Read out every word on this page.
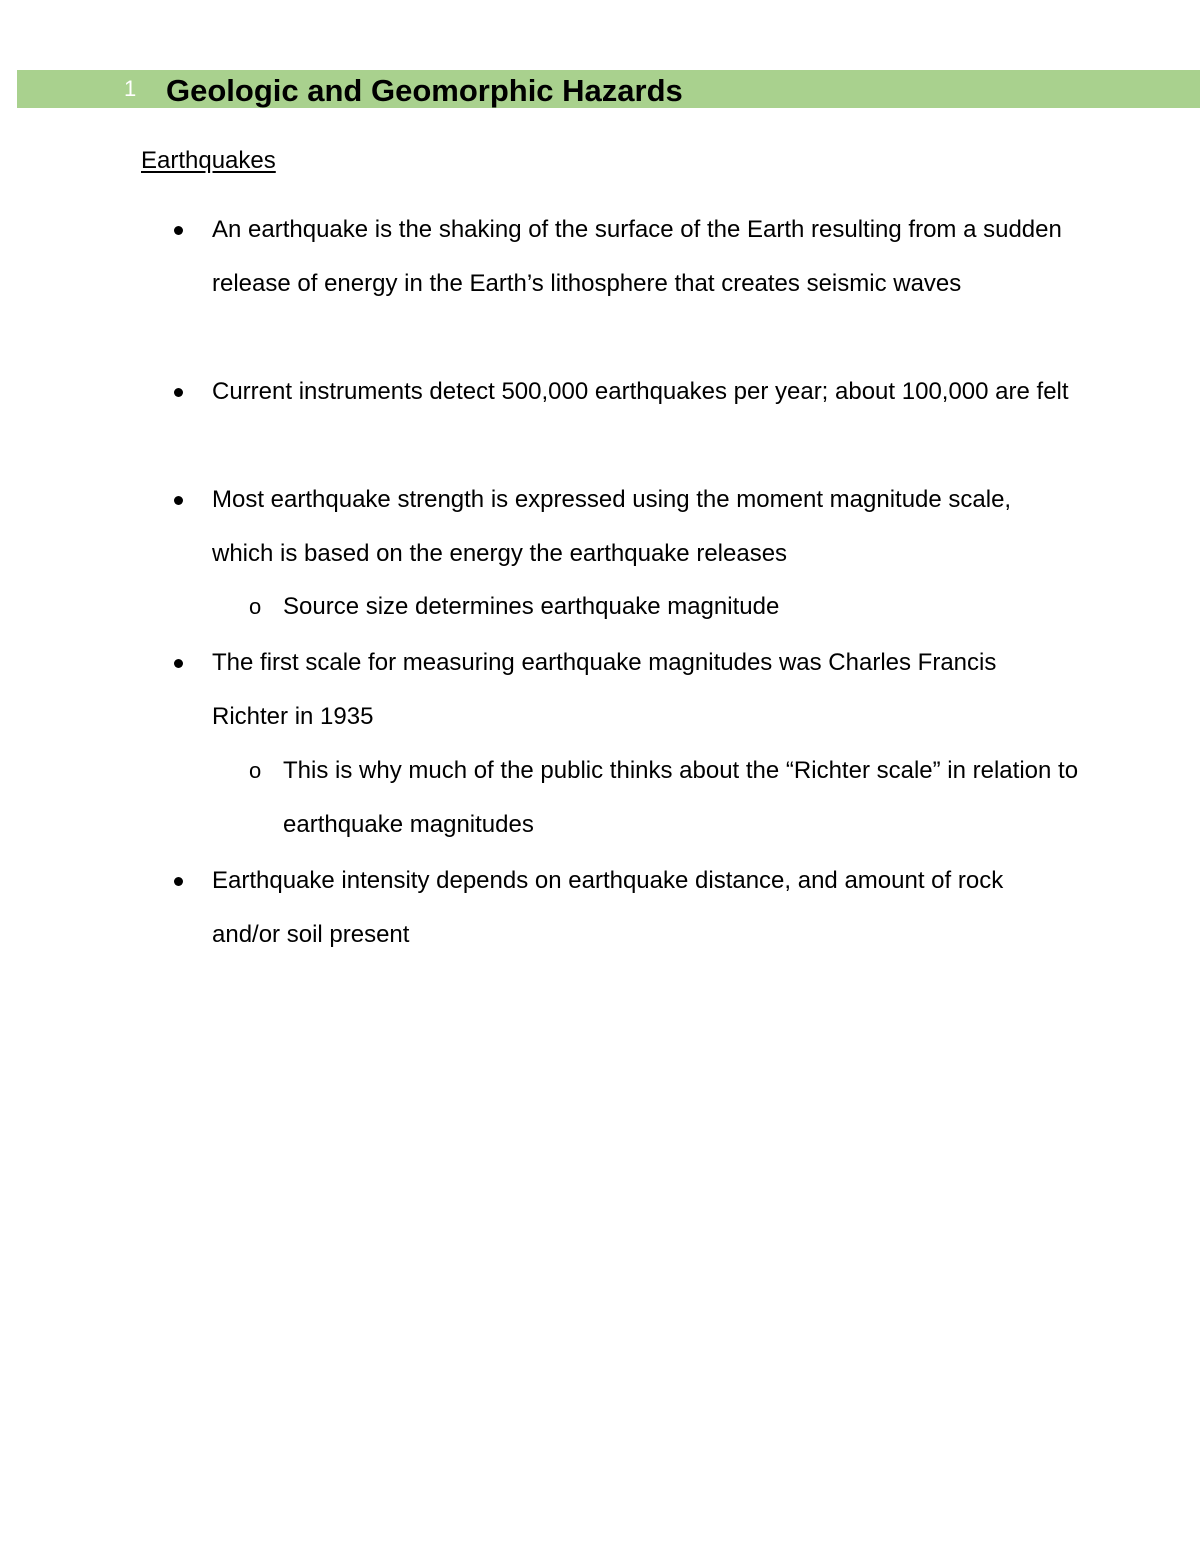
1 Geologic and Geomorphic Hazards
Earthquakes
An earthquake is the shaking of the surface of the Earth resulting from a sudden release of energy in the Earth’s lithosphere that creates seismic waves
Current instruments detect 500,000 earthquakes per year; about 100,000 are felt
Most earthquake strength is expressed using the moment magnitude scale, which is based on the energy the earthquake releases
o Source size determines earthquake magnitude
The first scale for measuring earthquake magnitudes was Charles Francis Richter in 1935
o This is why much of the public thinks about the “Richter scale” in relation to earthquake magnitudes
Earthquake intensity depends on earthquake distance, and amount of rock and/or soil present
